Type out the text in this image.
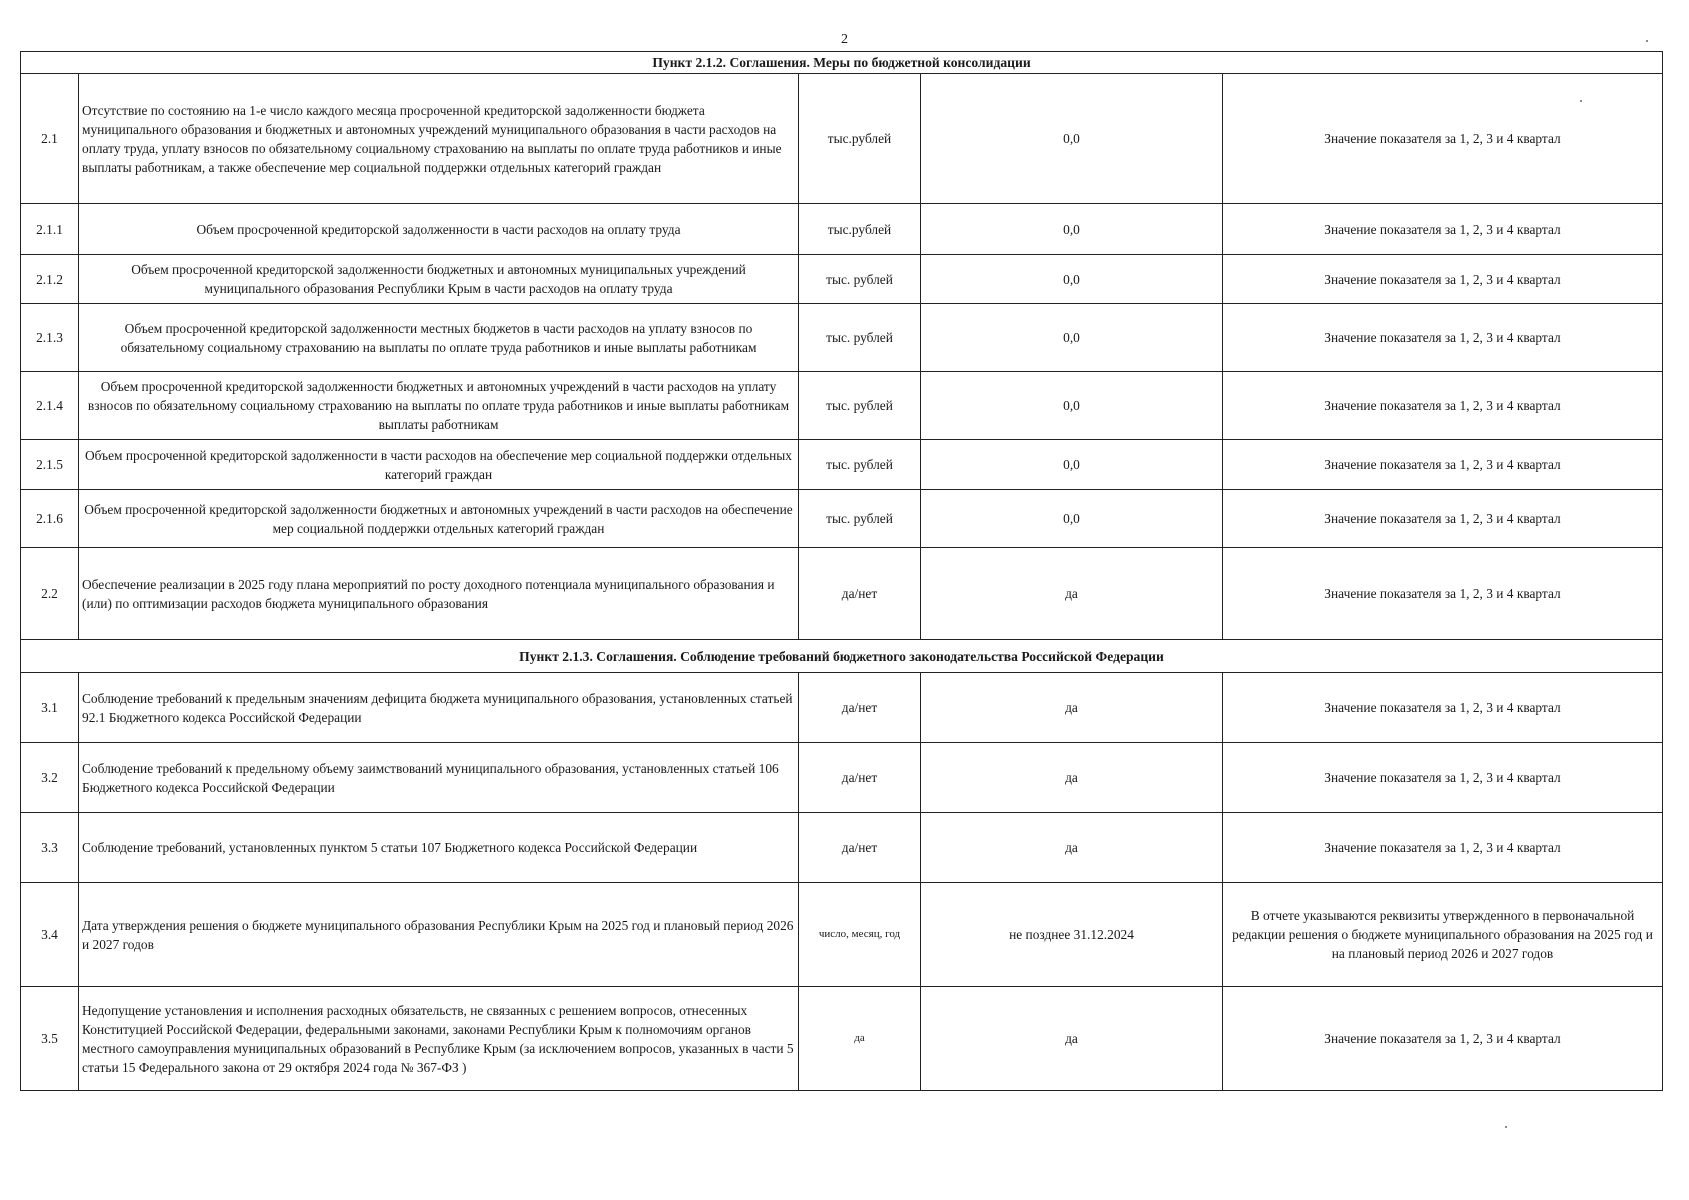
2
Пункт 2.1.2. Соглашения. Меры по бюджетной консолидации				
2.1	Отсутствие по состоянию на 1-е число каждого месяца просроченной кредиторской задолженности бюджета муниципального образования и бюджетных и автономных учреждений муниципального образования в части расходов на оплату труда, уплату взносов по обязательному социальному страхованию на выплаты по оплате труда работников и иные выплаты работникам, а также обеспечение мер социальной поддержки отдельных категорий граждан	тыс.рублей	0,0	Значение показателя за 1, 2, 3 и 4 квартал
2.1.1	Объем просроченной кредиторской задолженности в части расходов на оплату труда	тыс.рублей	0,0	Значение показателя за 1, 2, 3 и 4 квартал
2.1.2	Объем просроченной кредиторской задолженности бюджетных и автономных муниципальных учреждений муниципального образования Республики Крым в части расходов на оплату труда	тыс. рублей	0,0	Значение показателя за 1, 2, 3 и 4 квартал
2.1.3	Объем просроченной кредиторской задолженности местных бюджетов в части расходов на уплату взносов по обязательному социальному страхованию на выплаты по оплате труда работников и иные выплаты работникам	тыс. рублей	0,0	Значение показателя за 1, 2, 3 и 4 квартал
2.1.4	Объем просроченной кредиторской задолженности бюджетных и автономных учреждений в части расходов на уплату взносов по обязательному социальному страхованию на выплаты по оплате труда работников и иные выплаты работникам выплаты работникам	тыс. рублей	0,0	Значение показателя за 1, 2, 3 и 4 квартал
2.1.5	Объем просроченной кредиторской задолженности в части расходов на обеспечение мер социальной поддержки отдельных категорий граждан	тыс. рублей	0,0	Значение показателя за 1, 2, 3 и 4 квартал
2.1.6	Объем просроченной кредиторской задолженности бюджетных и автономных учреждений в части расходов на обеспечение мер социальной поддержки отдельных категорий граждан	тыс. рублей	0,0	Значение показателя за 1, 2, 3 и 4 квартал
2.2	Обеспечение реализации в 2025 году плана мероприятий по росту доходного потенциала муниципального образования и (или) по оптимизации расходов бюджета муниципального образования	да/нет	да	Значение показателя за 1, 2, 3 и 4 квартал
Пункт 2.1.3. Соглашения. Соблюдение требований бюджетного законодательства Российской Федерации				
3.1	Соблюдение требований к предельным значениям дефицита бюджета муниципального образования, установленных статьей 92.1 Бюджетного кодекса Российской Федерации	да/нет	да	Значение показателя за 1, 2, 3 и 4 квартал
3.2	Соблюдение требований к предельному объему заимствований муниципального образования, установленных статьей 106 Бюджетного кодекса Российской Федерации	да/нет	да	Значение показателя за 1, 2, 3 и 4 квартал
3.3	Соблюдение требований, установленных пунктом 5 статьи 107 Бюджетного кодекса Российской Федерации	да/нет	да	Значение показателя за 1, 2, 3 и 4 квартал
3.4	Дата утверждения решения о бюджете муниципального образования Республики Крым на 2025 год и плановый период 2026 и 2027 годов	число, месяц, год	не позднее 31.12.2024	В отчете указываются реквизиты утвержденного в первоначальной редакции решения о бюджете муниципального образования на 2025 год и на плановый период 2026 и 2027 годов
3.5	Недопущение установления и исполнения расходных обязательств, не связанных с решением вопросов, отнесенных Конституцией Российской Федерации, федеральными законами, законами Республики Крым к полномочиям органов местного самоуправления муниципальных образований в Республике Крым (за исключением вопросов, указанных в части 5 статьи 15 Федерального закона от 29 октября 2024 года № 367-ФЗ )	да	да	Значение показателя за 1, 2, 3 и 4 квартал
